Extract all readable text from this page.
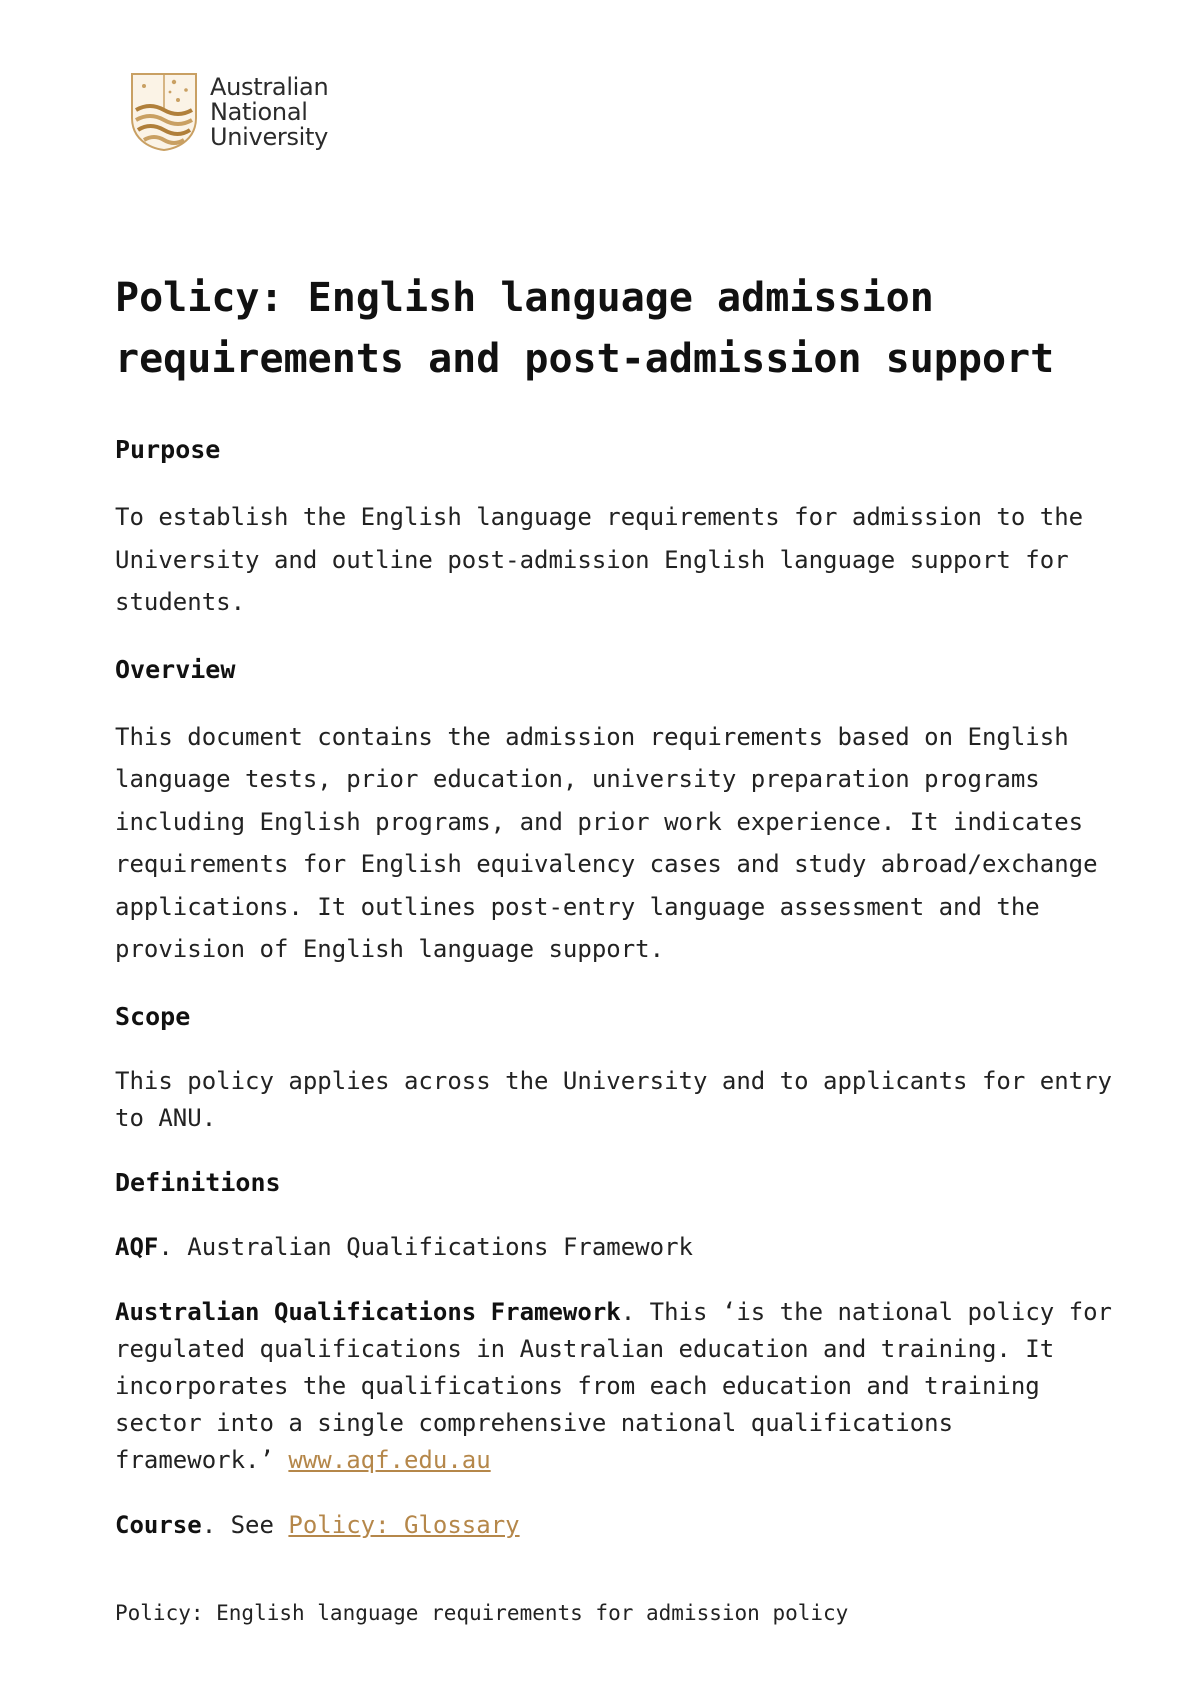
Australian
National
University
Policy: English language admission requirements and post-admission support
Purpose

To establish the English language requirements for admission to the University and outline post-admission English language support for students.

Overview

This document contains the admission requirements based on English language tests, prior education, university preparation programs including English programs, and prior work experience. It indicates requirements for English equivalency cases and study abroad/exchange applications. It outlines post-entry language assessment and the provision of English language support.

Scope

This policy applies across the University and to applicants for entry to ANU.

Definitions

AQF. Australian Qualifications Framework

Australian Qualifications Framework. This ‘is the national policy for regulated qualifications in Australian education and training. It incorporates the qualifications from each education and training sector into a single comprehensive national qualifications framework.’ www.aqf.edu.au

Course. See Policy: Glossary

Policy: English language requirements for admission policy
